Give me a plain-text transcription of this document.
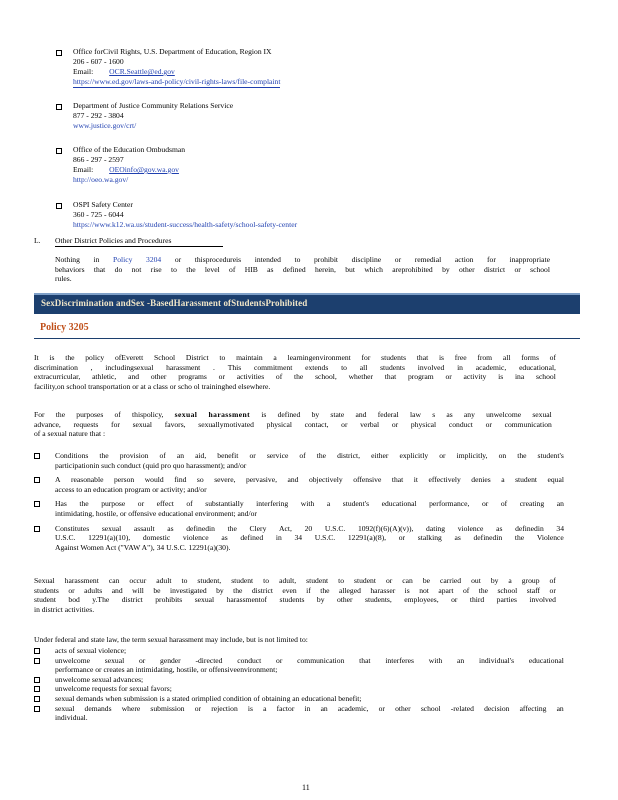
Office forCivil Rights, U.S. Department of Education, Region IX
206 - 607 - 1600
Email: OCR.Seattle@ed.gov
https://www.ed.gov/laws-and-policy/civil-rights-laws/file-complaint
Department of Justice Community Relations Service
877 - 292 - 3804
www.justice.gov/crt/
Office of the Education Ombudsman
866 - 297 - 2597
Email: OEOinfo@gov.wa.gov
http://oeo.wa.gov/
OSPI Safety Center
360 - 725 - 6044
https://www.k12.wa.us/student-success/health-safety/school-safety-center
L. Other District Policies and Procedures
Nothing in Policy 3204 or thisprocedureis intended to prohibit discipline or remedial action for inappropriate
behaviors that do not rise to the level of HIB as defined herein, but which areprohibited by other district or school
rules.
SexDiscrimination andSex -BasedHarassment ofStudentsProhibited
Policy 3205
It is the policy ofEverett School District to maintain a learningenvironment for students that is free from all forms of
discrimination , includingsexual harassment . This commitment extends to all students involved in academic, educational,
extracurricular, athletic, and other programs or activities of the school, whether that program or activity is ina school
facility,on school transportation or at a class or scho ol traininghed elsewhere.
For the purposes of thispolicy, sexual harassment is defined by state and federal law s as any unwelcome sexual
advance, requests for sexual favors, sexuallymotivated physical contact, or verbal or physical conduct or communication
of a sexual nature that :
Conditions the provision of an aid, benefit or service of the district, either explicitly or implicitly, on the student's
participationin such conduct (quid pro quo harassment); and/or
A reasonable person would find so severe, pervasive, and objectively offensive that it effectively denies a student equal
access to an education program or activity; and/or
Has the purpose or effect of substantially interfering with a student's educational performance, or of creating an
intimidating, hostile, or offensive educational environment; and/or
Constitutes sexual assault as definedin the Clery Act, 20 U.S.C. 1092(f)(6)(A)(v)), dating violence as definedin 34
U.S.C. 12291(a)(10), domestic violence as defined in 34 U.S.C. 12291(a)(8), or stalking as definedin the Violence
Against Women Act ("VAW A"), 34 U.S.C. 12291(a)(30).
Sexual harassment can occur adult to student, student to adult, student to student or can be carried out by a group of
students or adults and will be investigated by the district even if the alleged harasser is not apart of the school staff or
student bod y.The district prohibits sexual harassmentof students by other students, employees, or third parties involved
in district activities.
Under federal and state law, the term sexual harassment may include, but is not limited to:
acts of sexual violence;
unwelcome sexual or gender -directed conduct or communication that interferes with an individual's educational
performance or creates an intimidating, hostile, or offensiveenvironment;
unwelcome sexual advances;
unwelcome requests for sexual favors;
sexual demands when submission is a stated orimplied condition of obtaining an educational benefit;
sexual demands where submission or rejection is a factor in an academic, or other school -related decision affecting an
individual.
11
